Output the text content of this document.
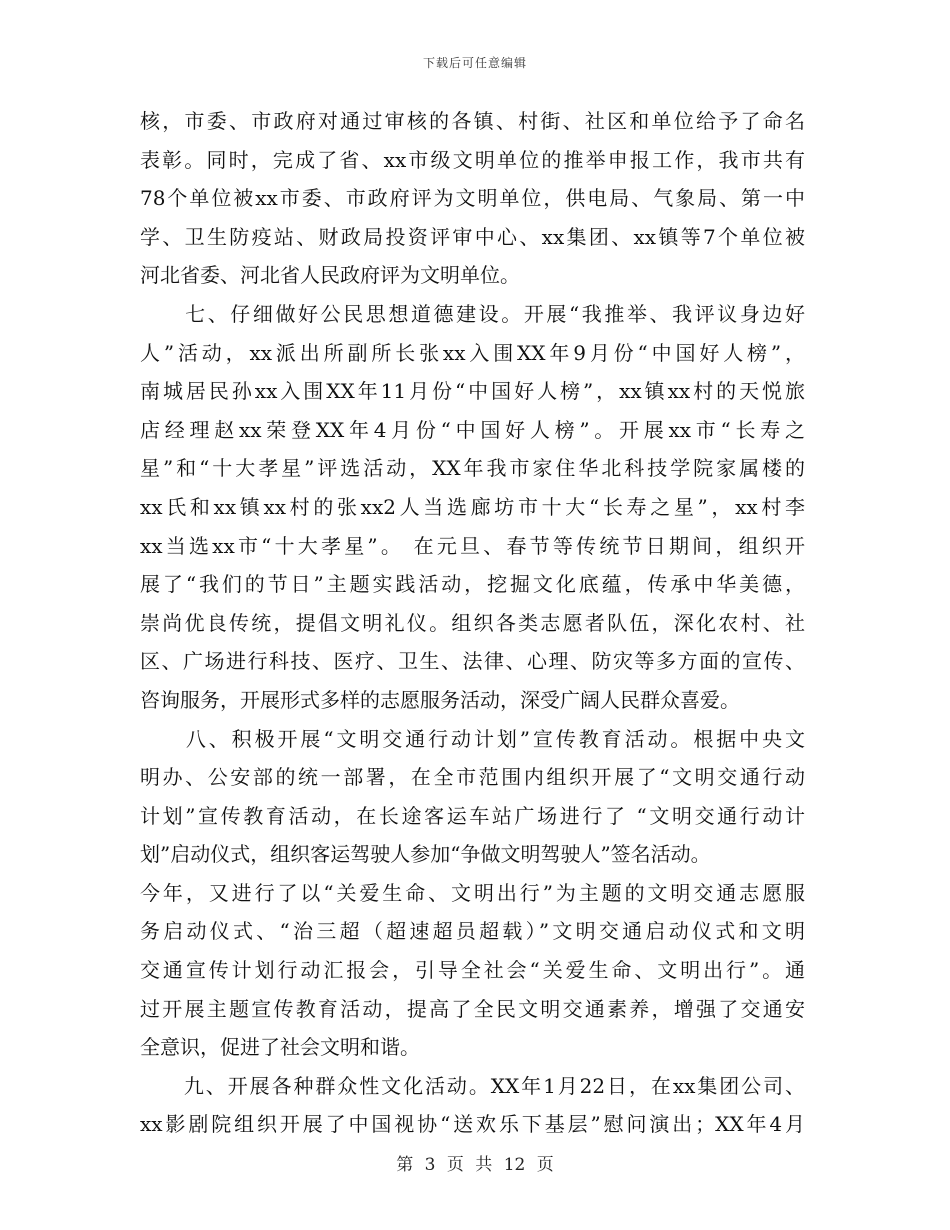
下载后可任意编辑
核，市委、市政府对通过审核的各镇、村街、社区和单位给予了命名
表彰。同时，完成了省、xx市级文明单位的推举申报工作，我市共有
78个单位被xx市委、市政府评为文明单位，供电局、气象局、第一中
学、卫生防疫站、财政局投资评审中心、xx集团、xx镇等7个单位被
河北省委、河北省人民政府评为文明单位。
　　七、仔细做好公民思想道德建设。开展“我推举、我评议身边好
人”活动，xx派出所副所长张xx入围XX年9月份“中国好人榜”，
南城居民孙xx入围XX年11月份“中国好人榜”，xx镇xx村的天悦旅
店经理赵xx荣登XX年4月份“中国好人榜”。开展xx市“长寿之
星”和“十大孝星”评选活动，XX年我市家住华北科技学院家属楼的
xx氏和xx镇xx村的张xx2人当选廊坊市十大“长寿之星”，xx村李
xx当选xx市“十大孝星”。 在元旦、春节等传统节日期间，组织开
展了“我们的节日”主题实践活动，挖掘文化底蕴，传承中华美德，
崇尚优良传统，提倡文明礼仪。组织各类志愿者队伍，深化农村、社
区、广场进行科技、医疗、卫生、法律、心理、防灾等多方面的宣传、
咨询服务，开展形式多样的志愿服务活动，深受广阔人民群众喜爱。
　　八、积极开展“文明交通行动计划”宣传教育活动。根据中央文
明办、公安部的统一部署，在全市范围内组织开展了“文明交通行动
计划”宣传教育活动，在长途客运车站广场进行了 “文明交通行动计
划”启动仪式，组织客运驾驶人参加“争做文明驾驶人”签名活动。
今年，又进行了以“关爱生命、文明出行”为主题的文明交通志愿服
务启动仪式、“治三超（超速超员超载）”文明交通启动仪式和文明
交通宣传计划行动汇报会，引导全社会“关爱生命、文明出行”。通
过开展主题宣传教育活动，提高了全民文明交通素养，增强了交通安
全意识，促进了社会文明和谐。
　　九、开展各种群众性文化活动。XX年1月22日，在xx集团公司、
xx影剧院组织开展了中国视协“送欢乐下基层”慰问演出；XX年4月
第 3 页 共 12 页
